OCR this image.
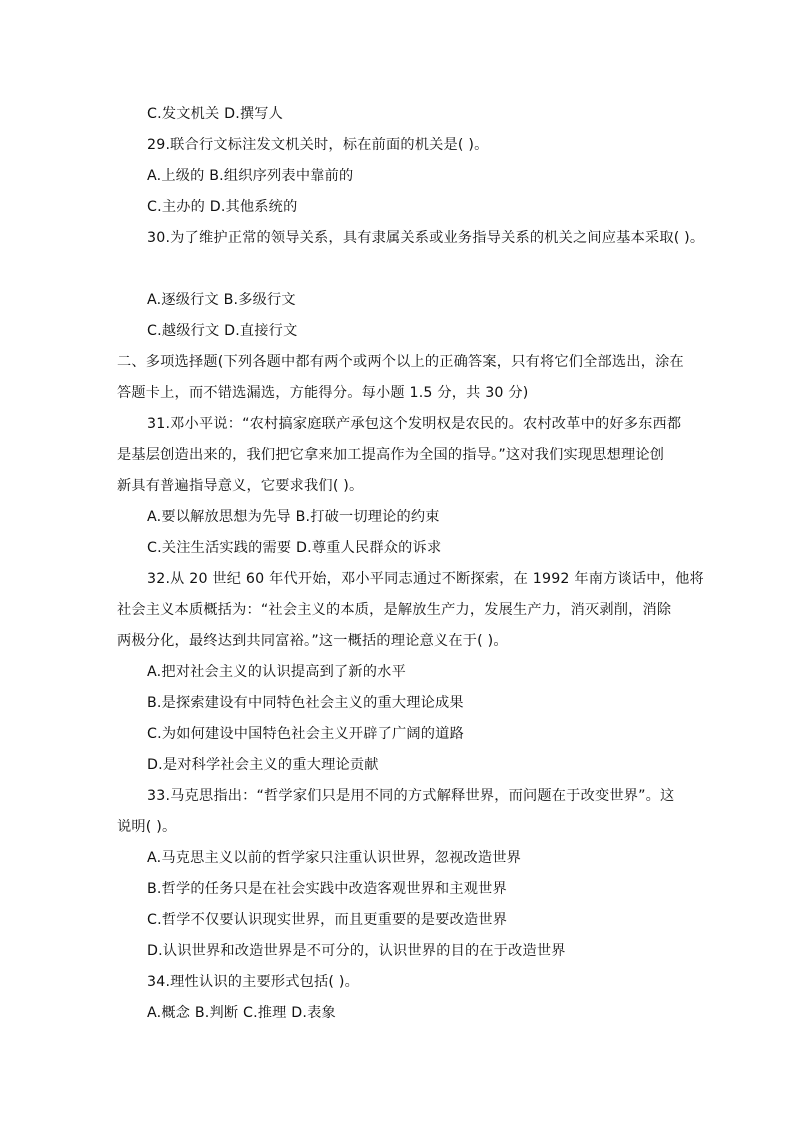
C.发文机关 D.撰写人
29.联合行文标注发文机关时，标在前面的机关是( )。
A.上级的 B.组织序列表中靠前的
C.主办的 D.其他系统的
30.为了维护正常的领导关系，具有隶属关系或业务指导关系的机关之间应基本采取( )。
A.逐级行文 B.多级行文
C.越级行文 D.直接行文
二、多项选择题(下列各题中都有两个或两个以上的正确答案，只有将它们全部选出，涂在
答题卡上，而不错选漏选，方能得分。每小题 1.5 分，共 30 分)
31.邓小平说：“农村搞家庭联产承包这个发明权是农民的。农村改革中的好多东西都
是基层创造出来的，我们把它拿来加工提高作为全国的指导。”这对我们实现思想理论创
新具有普遍指导意义，它要求我们( )。
A.要以解放思想为先导 B.打破一切理论的约束
C.关注生活实践的需要 D.尊重人民群众的诉求
32.从 20 世纪 60 年代开始，邓小平同志通过不断探索，在 1992 年南方谈话中，他将
社会主义本质概括为：“社会主义的本质，是解放生产力，发展生产力，消灭剥削，消除
两极分化，最终达到共同富裕。”这一概括的理论意义在于( )。
A.把对社会主义的认识提高到了新的水平
B.是探索建设有中同特色社会主义的重大理论成果
C.为如何建设中国特色社会主义开辟了广阔的道路
D.是对科学社会主义的重大理论贡献
33.马克思指出：“哲学家们只是用不同的方式解释世界，而问题在于改变世界”。这
说明( )。
A.马克思主义以前的哲学家只注重认识世界，忽视改造世界
B.哲学的任务只是在社会实践中改造客观世界和主观世界
C.哲学不仅要认识现实世界，而且更重要的是要改造世界
D.认识世界和改造世界是不可分的，认识世界的目的在于改造世界
34.理性认识的主要形式包括( )。
A.概念 B.判断 C.推理 D.表象
